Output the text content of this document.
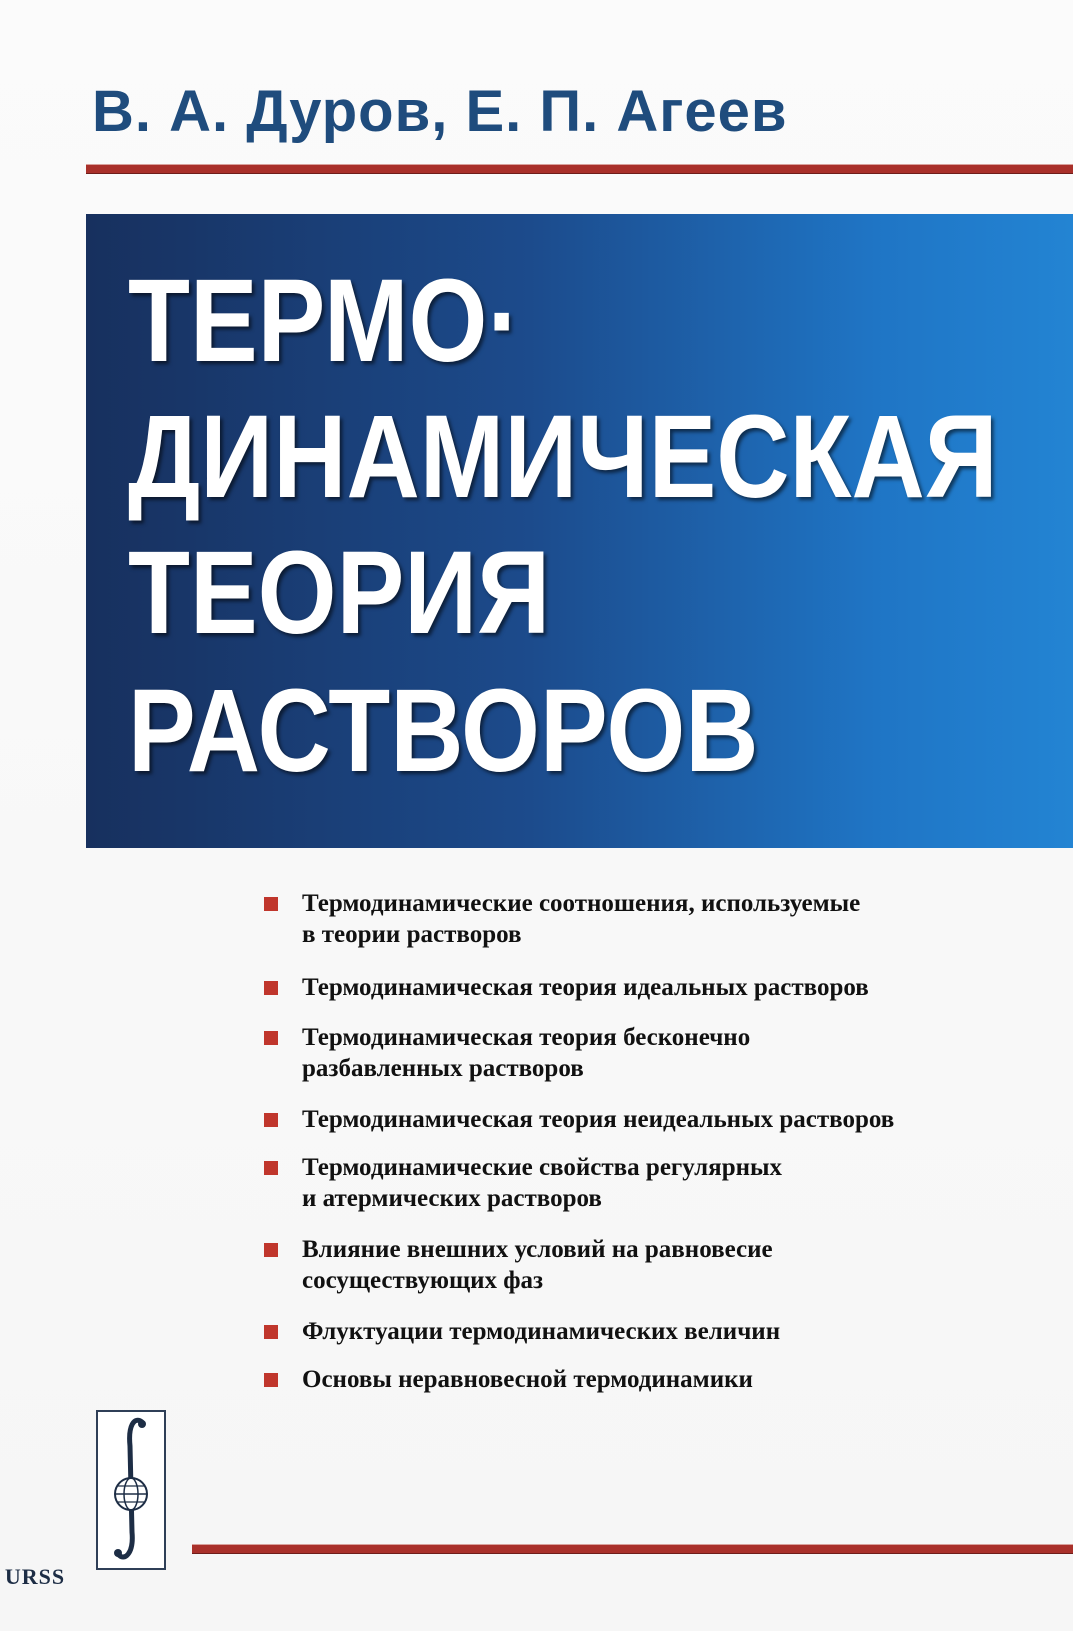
В. А. Дуров, Е. П. Агеев
ТЕРМО·
ДИНАМИЧЕСКАЯ
ТЕОРИЯ
РАСТВОРОВ
Термодинамические соотношения, используемые
в теории растворов
Термодинамическая теория идеальных растворов
Термодинамическая теория бесконечно
разбавленных растворов
Термодинамическая теория неидеальных растворов
Термодинамические свойства регулярных
и атермических растворов
Влияние внешних условий на равновесие
сосуществующих фаз
Флуктуации термодинамических величин
Основы неравновесной термодинамики
URSS
